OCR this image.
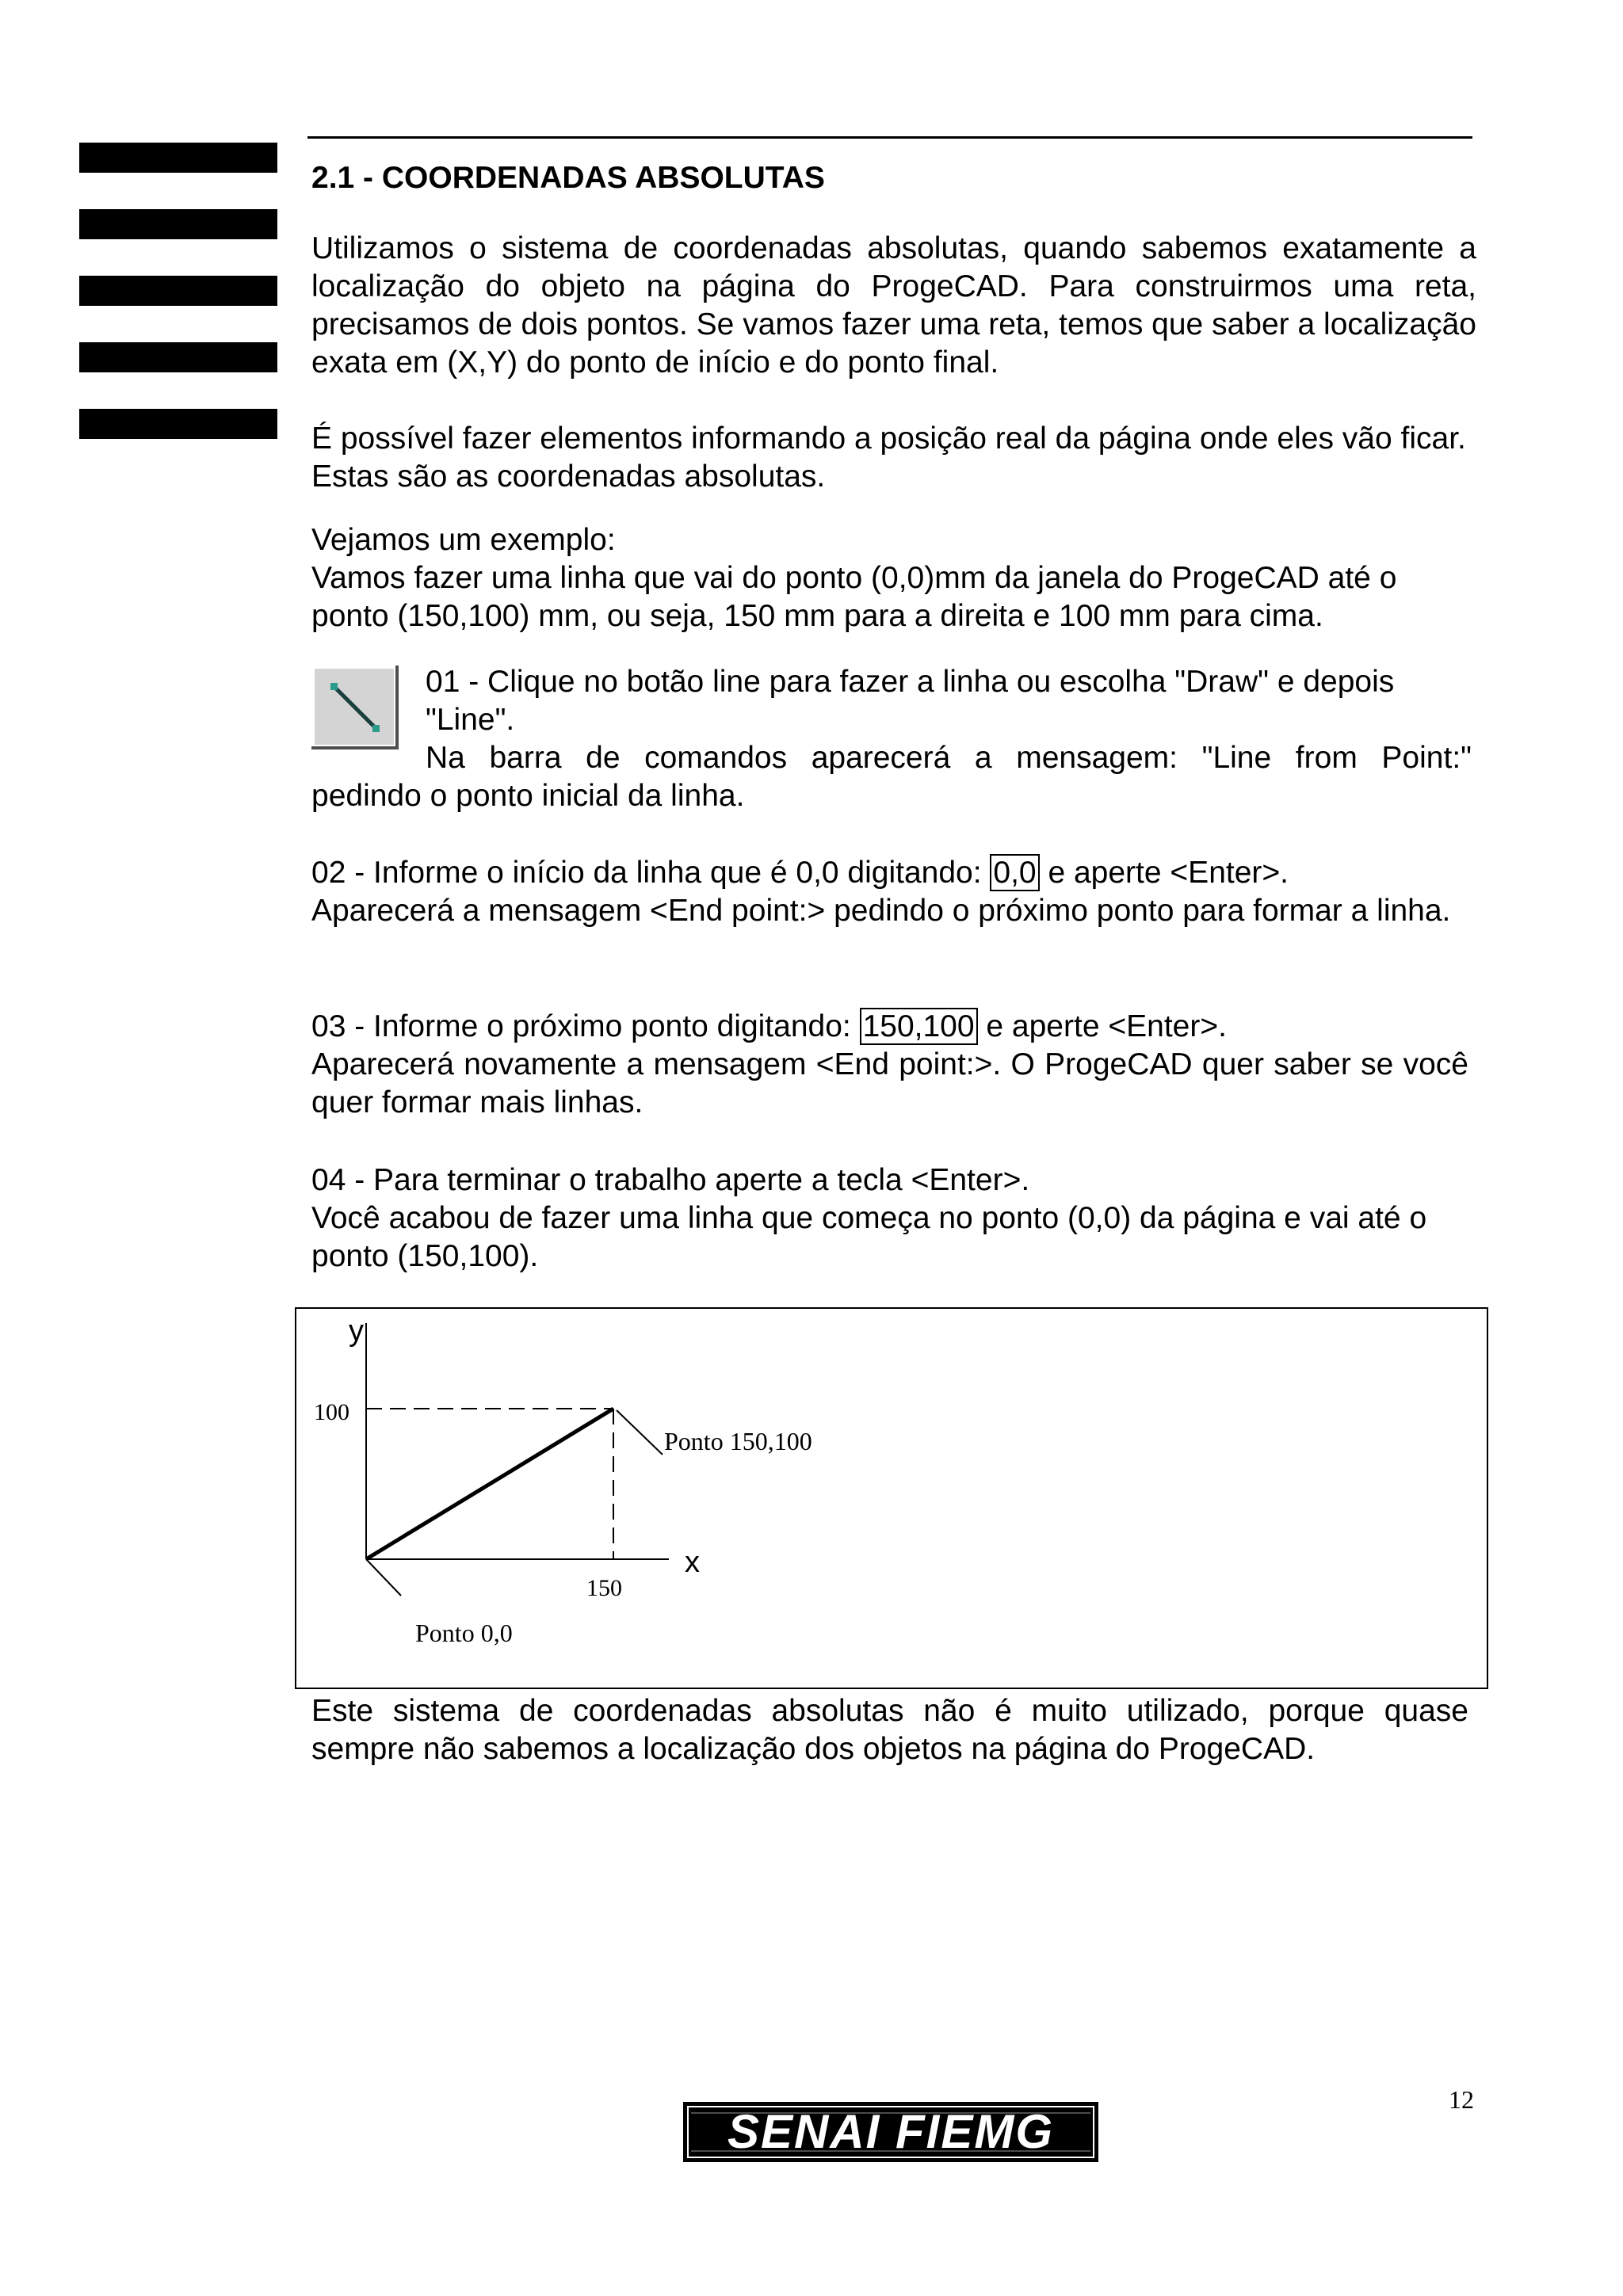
2.1 - COORDENADAS ABSOLUTAS

Utilizamos o sistema de coordenadas absolutas, quando sabemos exatamente a localização do objeto na página do ProgeCAD. Para construirmos uma reta, precisamos de dois pontos. Se vamos fazer uma reta, temos que saber a localização exata em (X,Y) do ponto de início e do ponto final.

É possível fazer elementos informando a posição real da página onde eles vão ficar. Estas são as coordenadas absolutas.

Vejamos um exemplo:

Vamos fazer uma linha que vai do ponto (0,0)mm da janela do ProgeCAD até o ponto (150,100) mm, ou seja, 150 mm para a direita e 100 mm para cima.

01 - Clique no botão line para fazer a linha ou escolha "Draw" e depois

"Line".

Na barra de comandos aparecerá a mensagem: "Line from Point:"

pedindo o ponto inicial da linha.

02 - Informe o início da linha que é 0,0 digitando: 0,0 e aperte <Enter>.

Aparecerá a mensagem <End point:> pedindo o próximo ponto para formar a linha.

03 - Informe o próximo ponto digitando: 150,100 e aperte <Enter>.

Aparecerá novamente a mensagem <End point:>. O ProgeCAD quer saber se você quer formar mais linhas.

04 - Para terminar o trabalho aperte a tecla <Enter>.

Você acabou de fazer uma linha que começa no ponto (0,0) da página e vai até o ponto (150,100).

y
x
100
150
Ponto 150,100
Ponto 0,0

Este sistema de coordenadas absolutas não é muito utilizado, porque quase sempre não sabemos a localização dos objetos na página do ProgeCAD.

12
SENAI FIEMG
